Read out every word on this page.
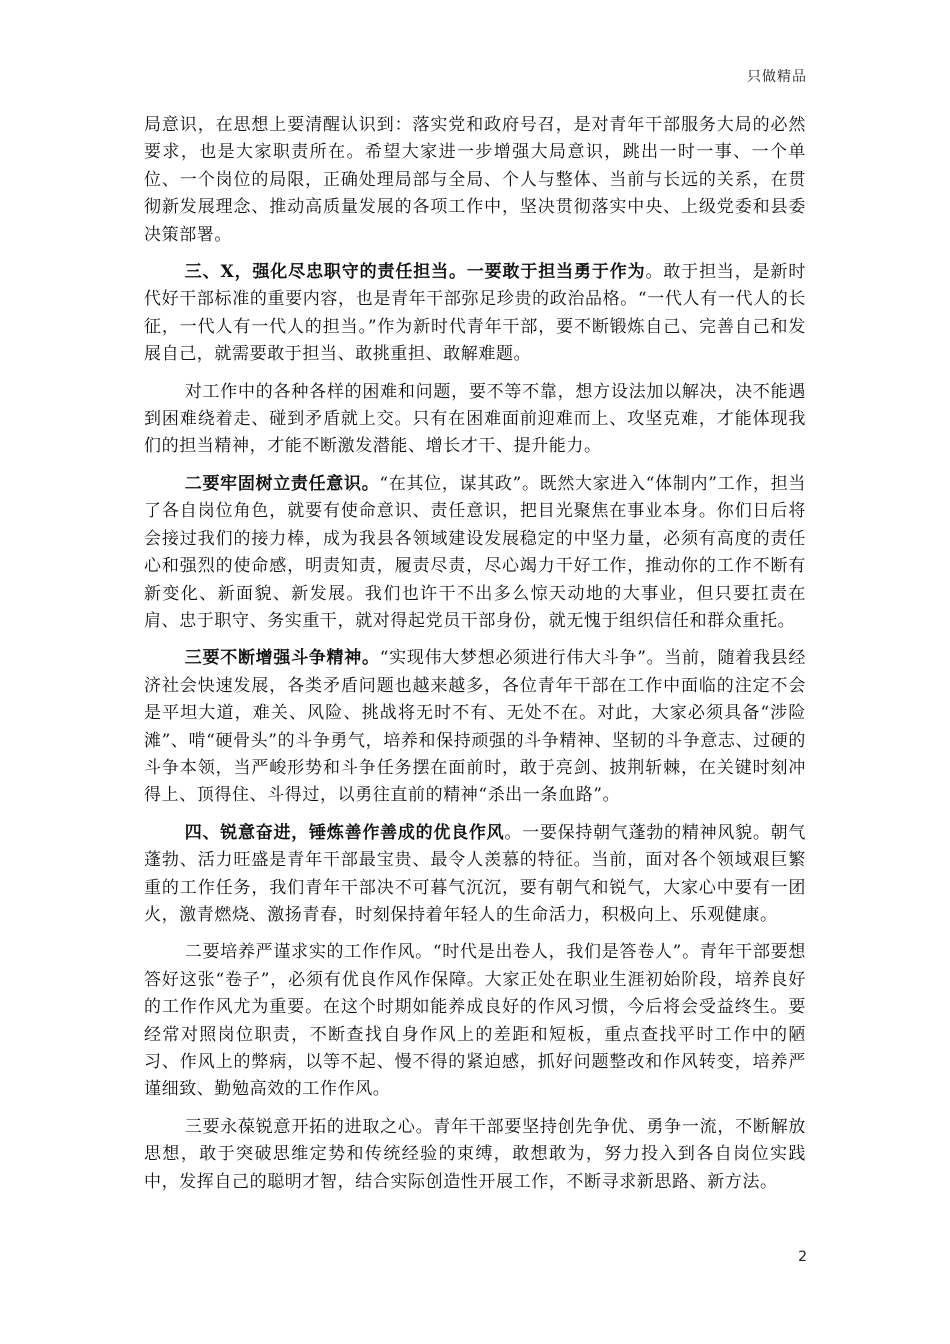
只做精品

局意识，在思想上要清醒认识到：落实党和政府号召，是对青年干部服务大局的必然要求，也是大家职责所在。希望大家进一步增强大局意识，跳出一时一事、一个单位、一个岗位的局限，正确处理局部与全局、个人与整体、当前与长远的关系，在贯彻新发展理念、推动高质量发展的各项工作中，坚决贯彻落实中央、上级党委和县委决策部署。

三、X，强化尽忠职守的责任担当。一要敢于担当勇于作为。敢于担当，是新时代好干部标准的重要内容，也是青年干部弥足珍贵的政治品格。“一代人有一代人的长征，一代人有一代人的担当。”作为新时代青年干部，要不断锻炼自己、完善自己和发展自己，就需要敢于担当、敢挑重担、敢解难题。

对工作中的各种各样的困难和问题，要不等不靠，想方设法加以解决，决不能遇到困难绕着走、碰到矛盾就上交。只有在困难面前迎难而上、攻坚克难，才能体现我们的担当精神，才能不断激发潜能、增长才干、提升能力。

二要牢固树立责任意识。“在其位，谋其政”。既然大家进入“体制内”工作，担当了各自岗位角色，就要有使命意识、责任意识，把目光聚焦在事业本身。你们日后将会接过我们的接力棒，成为我县各领域建设发展稳定的中坚力量，必须有高度的责任心和强烈的使命感，明责知责，履责尽责，尽心竭力干好工作，推动你的工作不断有新变化、新面貌、新发展。我们也许干不出多么惊天动地的大事业，但只要扛责在肩、忠于职守、务实重干，就对得起党员干部身份，就无愧于组织信任和群众重托。

三要不断增强斗争精神。“实现伟大梦想必须进行伟大斗争”。当前，随着我县经济社会快速发展，各类矛盾问题也越来越多，各位青年干部在工作中面临的注定不会是平坦大道，难关、风险、挑战将无时不有、无处不在。对此，大家必须具备“涉险滩”、啃“硬骨头”的斗争勇气，培养和保持顽强的斗争精神、坚韧的斗争意志、过硬的斗争本领，当严峻形势和斗争任务摆在面前时，敢于亮剑、披荆斩棘，在关键时刻冲得上、顶得住、斗得过，以勇往直前的精神“杀出一条血路”。

四、锐意奋进，锤炼善作善成的优良作风。一要保持朝气蓬勃的精神风貌。朝气蓬勃、活力旺盛是青年干部最宝贵、最令人羡慕的特征。当前，面对各个领域艰巨繁重的工作任务，我们青年干部决不可暮气沉沉，要有朝气和锐气，大家心中要有一团火，激青燃烧、激扬青春，时刻保持着年轻人的生命活力，积极向上、乐观健康。

二要培养严谨求实的工作作风。“时代是出卷人，我们是答卷人”。青年干部要想答好这张“卷子”，必须有优良作风作保障。大家正处在职业生涯初始阶段，培养良好的工作作风尤为重要。在这个时期如能养成良好的作风习惯，今后将会受益终生。要经常对照岗位职责，不断查找自身作风上的差距和短板，重点查找平时工作中的陋习、作风上的弊病，以等不起、慢不得的紧迫感，抓好问题整改和作风转变，培养严谨细致、勤勉高效的工作作风。

三要永葆锐意开拓的进取之心。青年干部要坚持创先争优、勇争一流，不断解放思想，敢于突破思维定势和传统经验的束缚，敢想敢为，努力投入到各自岗位实践中，发挥自己的聪明才智，结合实际创造性开展工作，不断寻求新思路、新方法。

2
